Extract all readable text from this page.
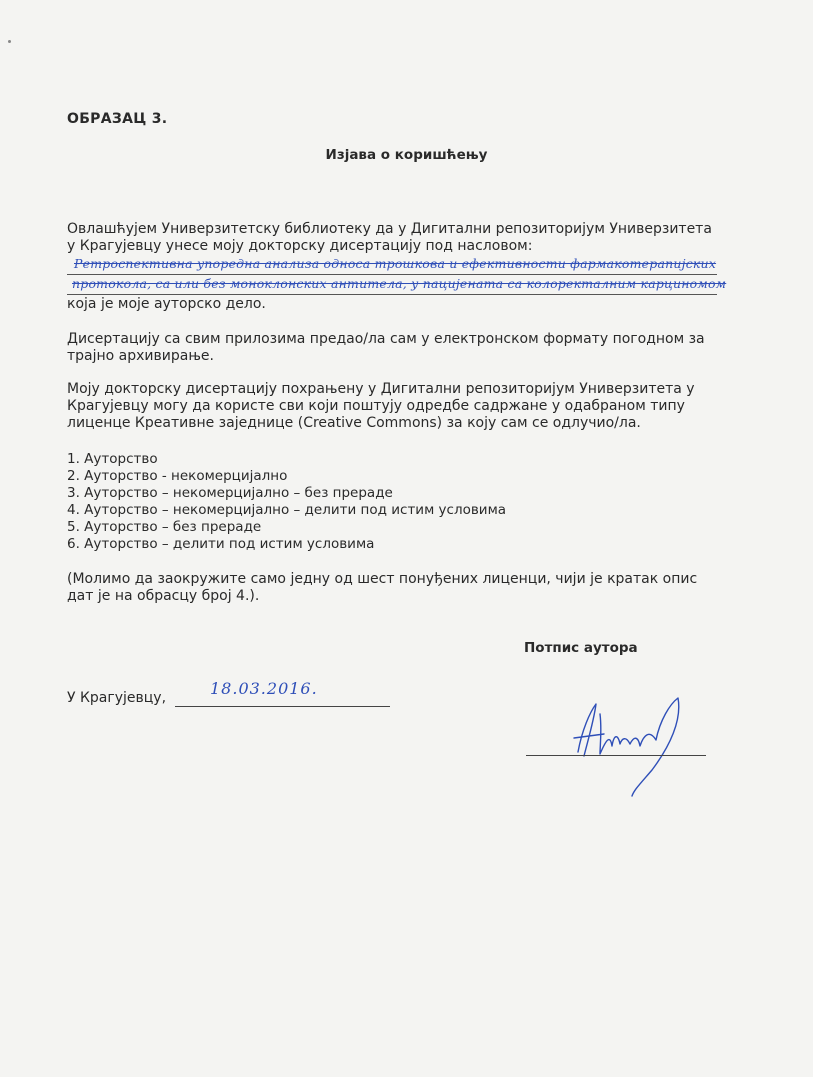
ОБРАЗАЦ 3.
Изјава о коришћењу
Овлашћујем Универзитетску библиотеку да у Дигитални репозиторијум Универзитета
у Крагујевцу унесе моју докторску дисертацију под насловом:
Ретроспективна упоредна анализа односа трошкова и ефективности фармакотерапијских
протокола, са или без моноклонских антитела, у пацијената са колоректалним карциномом
која је моје ауторско дело.
Дисертацију са свим прилозима предао/ла сам у електронском формату погодном за
трајно архивирање.
Моју докторску дисертацију похрањену у Дигитални репозиторијум Универзитета у
Крагујевцу могу да користе сви који поштују одредбе садржане у одабраном типу
лиценце Креативне заједнице (Creative Commons) за коју сам се одлучио/ла.
1. Ауторство
2. Ауторство - некомерцијално
3. Ауторство – некомерцијално – без прераде
4. Ауторство – некомерцијално – делити под истим условима
5. Ауторство – без прераде
6. Ауторство – делити под истим условима
(Молимо да заокружите само једну од шест понуђених лиценци, чији је кратак опис
дат је на обрасцу број 4.).
Потпис аутора
У Крагујевцу,	18.03.2016.
